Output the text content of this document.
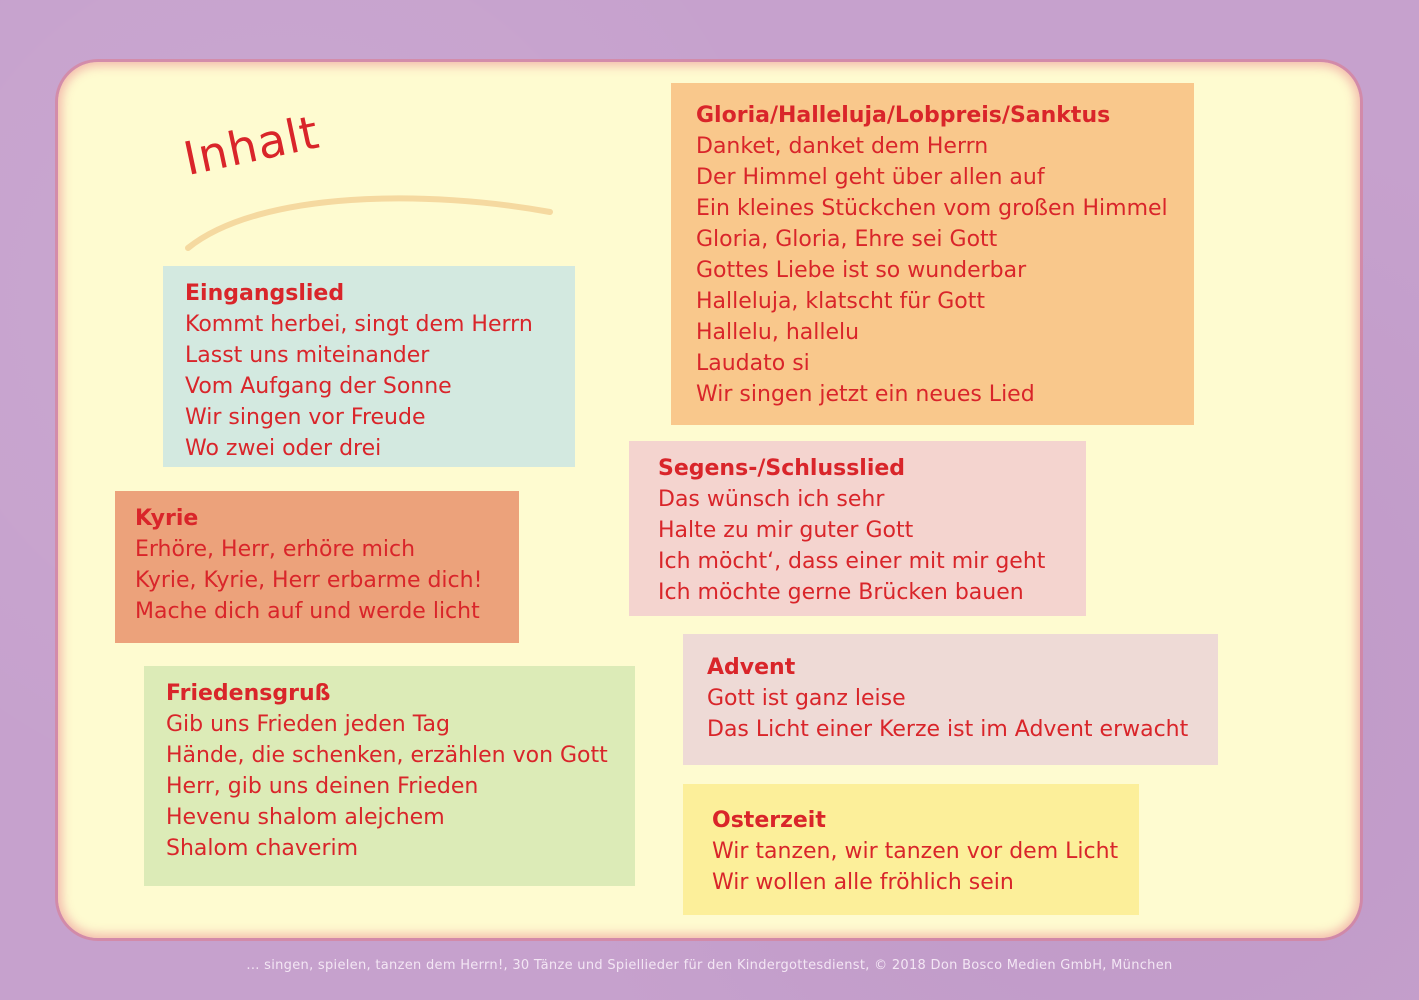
Inhalt
Eingangslied
Kommt herbei, singt dem Herrn
Lasst uns miteinander
Vom Aufgang der Sonne
Wir singen vor Freude
Wo zwei oder drei
Kyrie
Erhöre, Herr, erhöre mich
Kyrie, Kyrie, Herr erbarme dich!
Mache dich auf und werde licht
Friedensgruß
Gib uns Frieden jeden Tag
Hände, die schenken, erzählen von Gott
Herr, gib uns deinen Frieden
Hevenu shalom alejchem
Shalom chaverim
Gloria/Halleluja/Lobpreis/Sanktus
Danket, danket dem Herrn
Der Himmel geht über allen auf
Ein kleines Stückchen vom großen Himmel
Gloria, Gloria, Ehre sei Gott
Gottes Liebe ist so wunderbar
Halleluja, klatscht für Gott
Hallelu, hallelu
Laudato si
Wir singen jetzt ein neues Lied
Segens-/Schlusslied
Das wünsch ich sehr
Halte zu mir guter Gott
Ich möcht‘, dass einer mit mir geht
Ich möchte gerne Brücken bauen
Advent
Gott ist ganz leise
Das Licht einer Kerze ist im Advent erwacht
Osterzeit
Wir tanzen, wir tanzen vor dem Licht
Wir wollen alle fröhlich sein
... singen, spielen, tanzen dem Herrn!, 30 Tänze und Spiellieder für den Kindergottesdienst, © 2018 Don Bosco Medien GmbH, München
